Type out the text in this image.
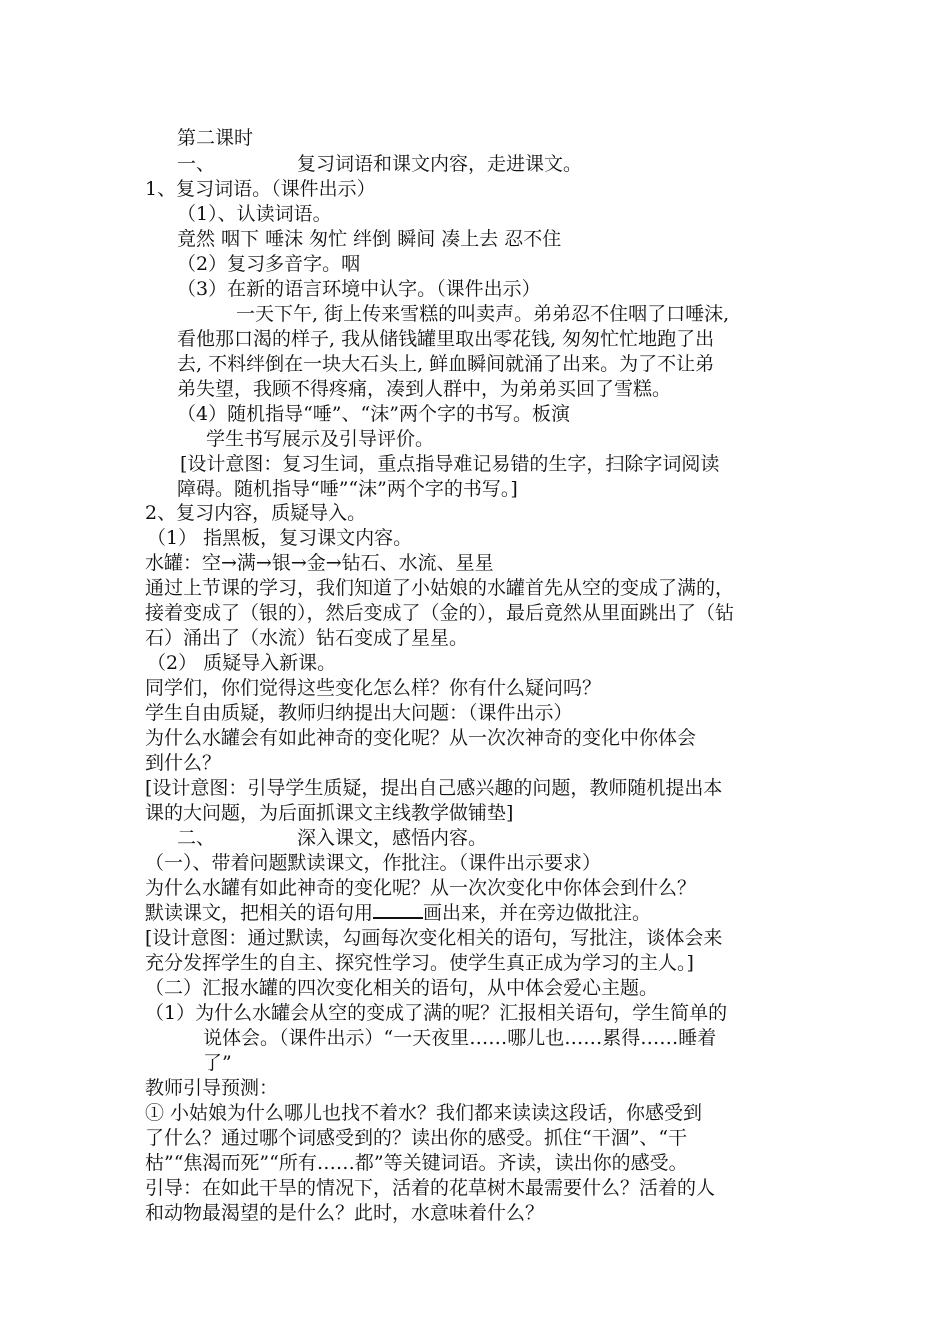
第二课时
一、	复习词语和课文内容，走进课文。
1、复习词语。（课件出示）
（1）、认读词语。
竟然 咽下 唾沫 匆忙 绊倒 瞬间 凑上去 忍不住
（2）复习多音字。咽
（3）在新的语言环境中认字。（课件出示）
一天下午, 街上传来雪糕的叫卖声。弟弟忍不住咽了口唾沫,
看他那口渴的样子, 我从储钱罐里取出零花钱, 匆匆忙忙地跑了出
去, 不料绊倒在一块大石头上, 鲜血瞬间就涌了出来。为了不让弟
弟失望，我顾不得疼痛，凑到人群中，为弟弟买回了雪糕。
（4）随机指导“唾”、“沫”两个字的书写。板演
学生书写展示及引导评价。
[设计意图：复习生词，重点指导难记易错的生字，扫除字词阅读
障碍。随机指导“唾”“沫”两个字的书写。]
2、复习内容，质疑导入。
（1） 指黑板，复习课文内容。
水罐：空→满→银→金→钻石、水流、星星
通过上节课的学习，我们知道了小姑娘的水罐首先从空的变成了满的，
接着变成了（银的），然后变成了（金的），最后竟然从里面跳出了（钻
石）涌出了（水流）钻石变成了星星。
（2） 质疑导入新课。
同学们，你们觉得这些变化怎么样？你有什么疑问吗？
学生自由质疑，教师归纳提出大问题：（课件出示）
为什么水罐会有如此神奇的变化呢？从一次次神奇的变化中你体会
到什么？
[设计意图：引导学生质疑，提出自己感兴趣的问题，教师随机提出本
课的大问题，为后面抓课文主线教学做铺垫]
二、	深入课文，感悟内容。
（一）、带着问题默读课文，作批注。（课件出示要求）
为什么水罐有如此神奇的变化呢？从一次次变化中你体会到什么？
默读课文，把相关的语句用	画出来，并在旁边做批注。
[设计意图：通过默读，勾画每次变化相关的语句，写批注，谈体会来
充分发挥学生的自主、探究性学习。使学生真正成为学习的主人。]
（二）汇报水罐的四次变化相关的语句，从中体会爱心主题。
（1）为什么水罐会从空的变成了满的呢？汇报相关语句，学生简单的
说体会。（课件出示）“一天夜里……哪儿也……累得……睡着
了”
教师引导预测：
① 小姑娘为什么哪儿也找不着水？我们都来读读这段话，你感受到
了什么？通过哪个词感受到的？读出你的感受。抓住“干涸”、“干
枯”“焦渴而死”“所有……都”等关键词语。齐读，读出你的感受。
引导：在如此干旱的情况下，活着的花草树木最需要什么？活着的人
和动物最渴望的是什么？此时，水意味着什么？
